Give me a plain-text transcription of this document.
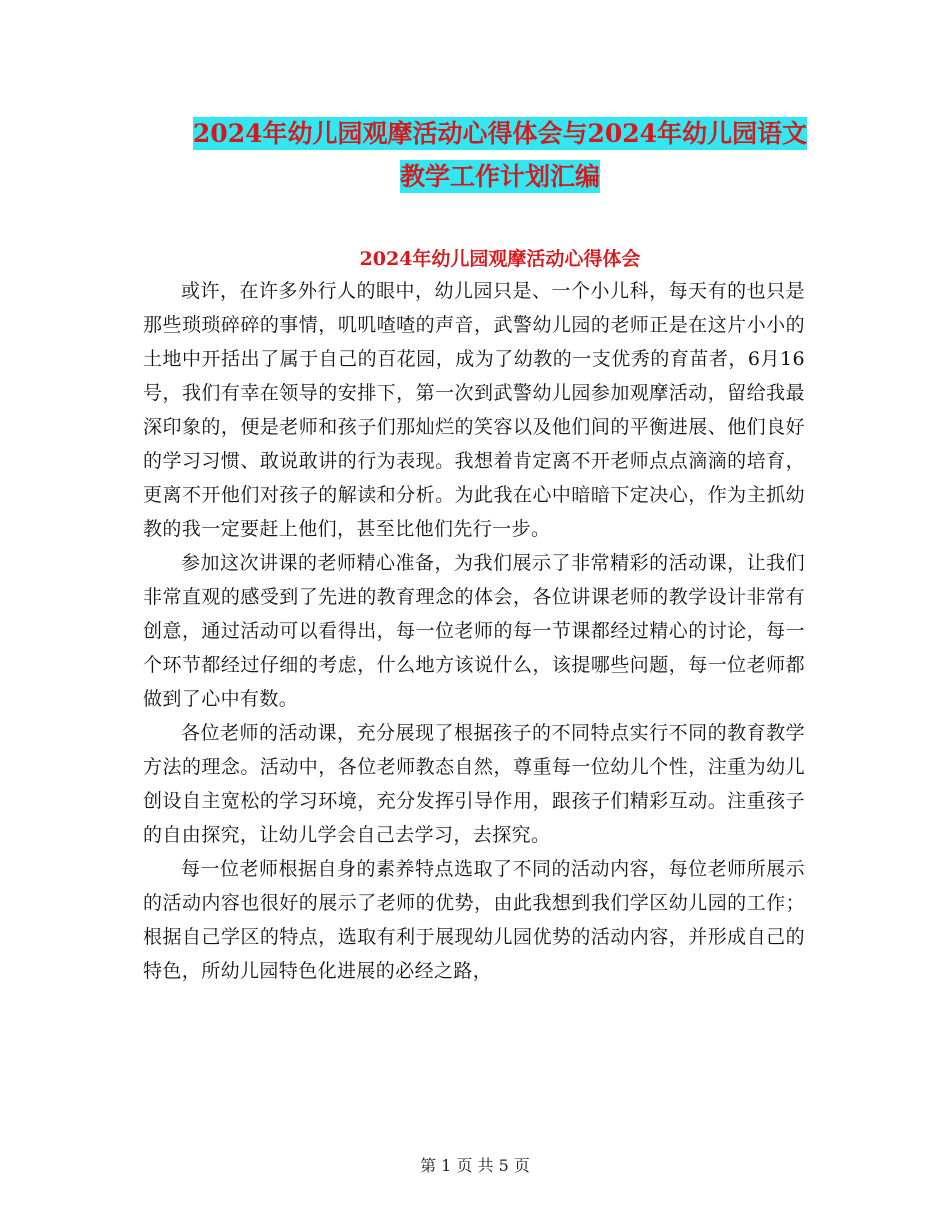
2024年幼儿园观摩活动心得体会与2024年幼儿园语文
教学工作计划汇编
2024年幼儿园观摩活动心得体会

或许，在许多外行人的眼中，幼儿园只是、一个小儿科，每天有的也只是那些琐琐碎碎的事情，叽叽喳喳的声音，武警幼儿园的老师正是在这片小小的土地中开括出了属于自己的百花园，成为了幼教的一支优秀的育苗者，6月16号，我们有幸在领导的安排下，第一次到武警幼儿园参加观摩活动，留给我最深印象的，便是老师和孩子们那灿烂的笑容以及他们间的平衡进展、他们良好的学习习惯、敢说敢讲的行为表现。我想着肯定离不开老师点点滴滴的培育，更离不开他们对孩子的解读和分析。为此我在心中暗暗下定决心，作为主抓幼教的我一定要赶上他们，甚至比他们先行一步。

参加这次讲课的老师精心准备，为我们展示了非常精彩的活动课，让我们非常直观的感受到了先进的教育理念的体会，各位讲课老师的教学设计非常有创意，通过活动可以看得出，每一位老师的每一节课都经过精心的讨论，每一个环节都经过仔细的考虑，什么地方该说什么，该提哪些问题，每一位老师都做到了心中有数。

各位老师的活动课，充分展现了根据孩子的不同特点实行不同的教育教学方法的理念。活动中，各位老师教态自然，尊重每一位幼儿个性，注重为幼儿创设自主宽松的学习环境，充分发挥引导作用，跟孩子们精彩互动。注重孩子的自由探究，让幼儿学会自己去学习，去探究。

每一位老师根据自身的素养特点选取了不同的活动内容，每位老师所展示的活动内容也很好的展示了老师的优势，由此我想到我们学区幼儿园的工作；根据自己学区的特点，选取有利于展现幼儿园优势的活动内容，并形成自己的特色，所幼儿园特色化进展的必经之路，

第 1 页 共 5 页
